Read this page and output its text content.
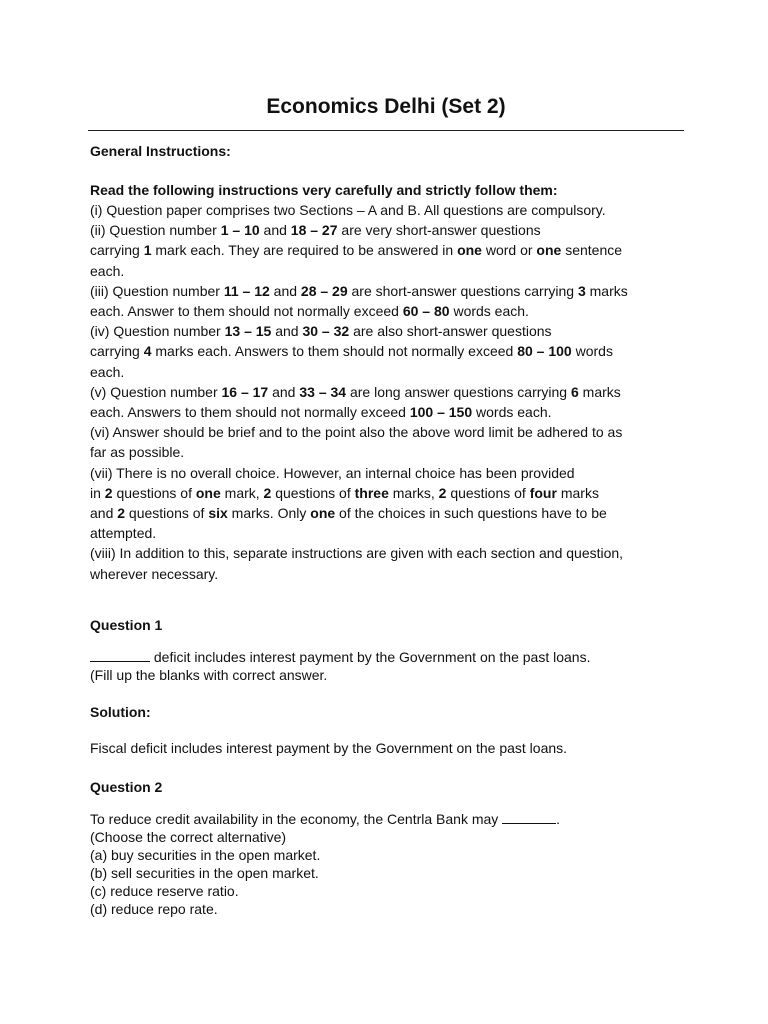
Economics Delhi (Set 2)
General Instructions:
Read the following instructions very carefully and strictly follow them:

(i) Question paper comprises two Sections – A and B. All questions are compulsory.

(ii) Question number 1 – 10 and 18 – 27 are very short-answer questions
carrying 1 mark each. They are required to be answered in one word or one sentence
each.

(iii) Question number 11 – 12 and 28 – 29 are short-answer questions carrying 3 marks
each. Answer to them should not normally exceed 60 – 80 words each.

(iv) Question number 13 – 15 and 30 – 32 are also short-answer questions
carrying 4 marks each. Answers to them should not normally exceed 80 – 100 words
each.

(v) Question number 16 – 17 and 33 – 34 are long answer questions carrying 6 marks
each. Answers to them should not normally exceed 100 – 150 words each.

(vi) Answer should be brief and to the point also the above word limit be adhered to as
far as possible.

(vii) There is no overall choice. However, an internal choice has been provided
in 2 questions of one mark, 2 questions of three marks, 2 questions of four marks
and 2 questions of six marks. Only one of the choices in such questions have to be
attempted.

(viii) In addition to this, separate instructions are given with each section and question,
wherever necessary.

Question 1

deficit includes interest payment by the Government on the past loans.

(Fill up the blanks with correct answer.

Solution:

Fiscal deficit includes interest payment by the Government on the past loans.

Question 2

To reduce credit availability in the economy, the Centrla Bank may	.

(Choose the correct alternative)

(a) buy securities in the open market.

(b) sell securities in the open market.

(c) reduce reserve ratio.

(d) reduce repo rate.
